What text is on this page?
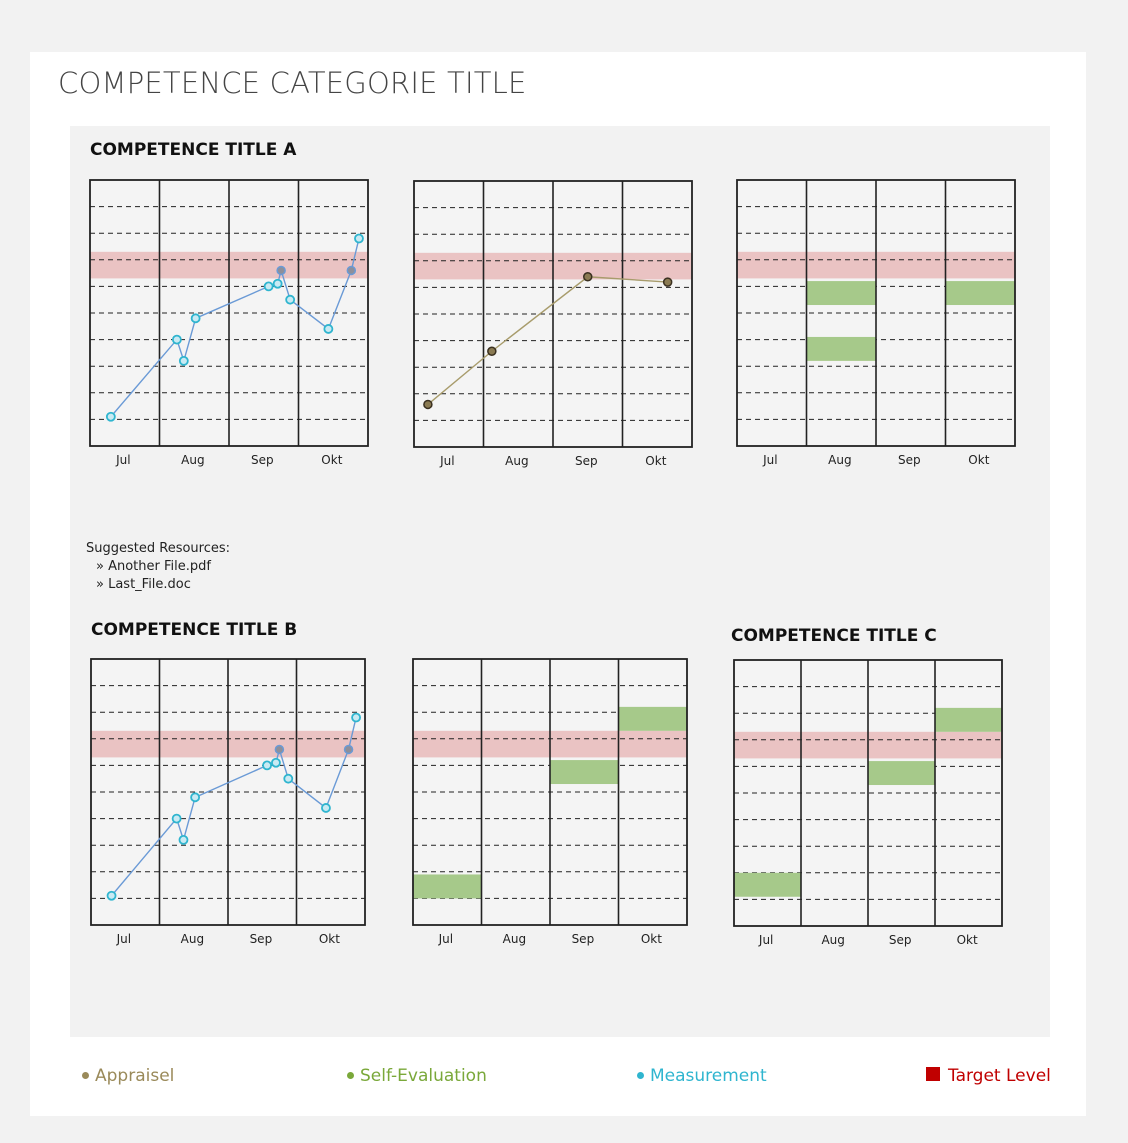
COMPETENCE CATEGORIE TITLE
COMPETENCE TITLE A
Jul	Aug	Sep	Okt	Jul	Aug	Sep	Okt	Jul	Aug	Sep	Okt
Suggested Resources:
» Another File.pdf
» Last_File.doc
COMPETENCE TITLE B	COMPETENCE TITLE C
Jul	Aug	Sep	Okt	Jul	Aug	Sep	Okt	Jul	Aug	Sep	Okt
Appraisel	Self-Evaluation	Measurement	Target Level
